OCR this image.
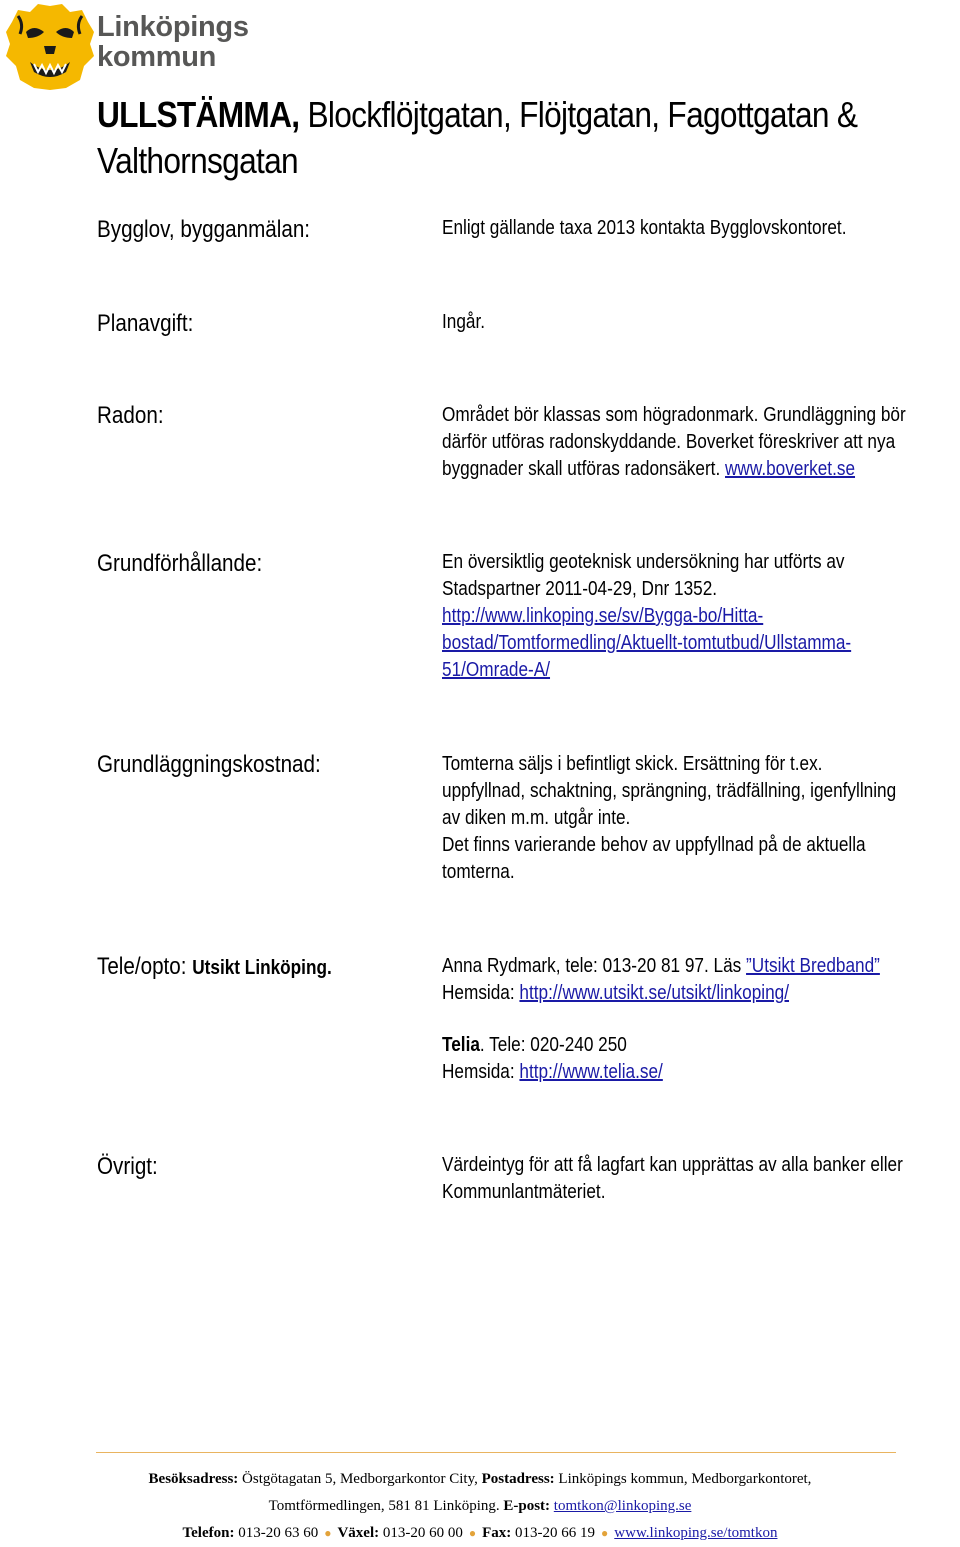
Linköpings
kommun
ULLSTÄMMA, Blockflöjtgatan, Flöjtgatan, Fagottgatan &
Valthornsgatan
Bygglov, bygganmälan:	Enligt gällande taxa 2013 kontakta Bygglovskontoret.
Planavgift:	Ingår.
Radon:	Området bör klassas som högradonmark. Grundläggning bör

därför utföras radonskyddande. Boverket föreskriver att nya

byggnader skall utföras radonsäkert. www.boverket.se

Grundförhållande:	En översiktlig geoteknisk undersökning har utförts av

Stadspartner 2011-04-29, Dnr 1352.

http://www.linkoping.se/sv/Bygga-bo/Hitta-

bostad/Tomtformedling/Aktuellt-tomtutbud/Ullstamma-

51/Omrade-A/

Grundläggningskostnad:	Tomterna säljs i befintligt skick. Ersättning för t.ex.

uppfyllnad, schaktning, sprängning, trädfällning, igenfyllning

av diken m.m. utgår inte.

Det finns varierande behov av uppfyllnad på de aktuella

tomterna.

Tele/opto: Utsikt Linköping.	Anna Rydmark, tele: 013-20 81 97. Läs ”Utsikt Bredband”

Hemsida: http://www.utsikt.se/utsikt/linkoping/

Telia. Tele: 020-240 250

Hemsida: http://www.telia.se/

Övrigt:	Värdeintyg för att få lagfart kan upprättas av alla banker eller

Kommunlantmäteriet.

Besöksadress: Östgötagatan 5, Medborgarkontor City, Postadress: Linköpings kommun, Medborgarkontoret,
Tomtförmedlingen, 581 81 Linköping. E-post: tomtkon@linkoping.se
Telefon: 013-20 63 60 ● Växel: 013-20 60 00 ● Fax: 013-20 66 19 ● www.linkoping.se/tomtkon
